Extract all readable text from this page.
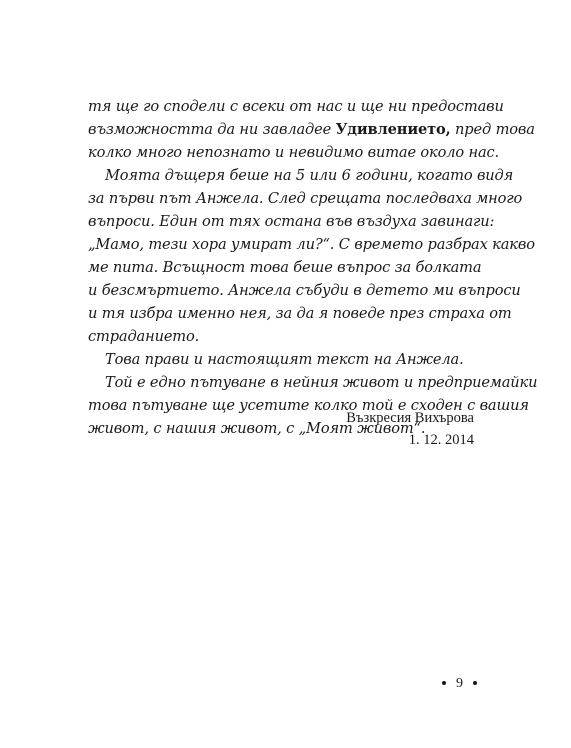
тя ще го сподели с всеки от нас и ще ни предостави
възможността да ни завладее Удивлението, пред това
колко много непознато и невидимо витае около нас.
Моята дъщеря беше на 5 или 6 години, когато видя
за първи път Анжела. След срещата последваха много
въпроси. Един от тях остана във въздуха завинаги:
„Мамо, тези хора умират ли?“. С времето разбрах какво
ме пита. Всъщност това беше въпрос за болката
и безсмъртието. Анжела събуди в детето ми въпроси
и тя избра именно нея, за да я поведе през страха от
страданието.
Това прави и настоящият текст на Анжела.
Той е едно пътуване в нейния живот и предприемайки
това пътуване ще усетите колко той е сходен с вашия
живот, с нашия живот, с „Моят живот“.
Възкресия Вихърова
1. 12. 2014
9
